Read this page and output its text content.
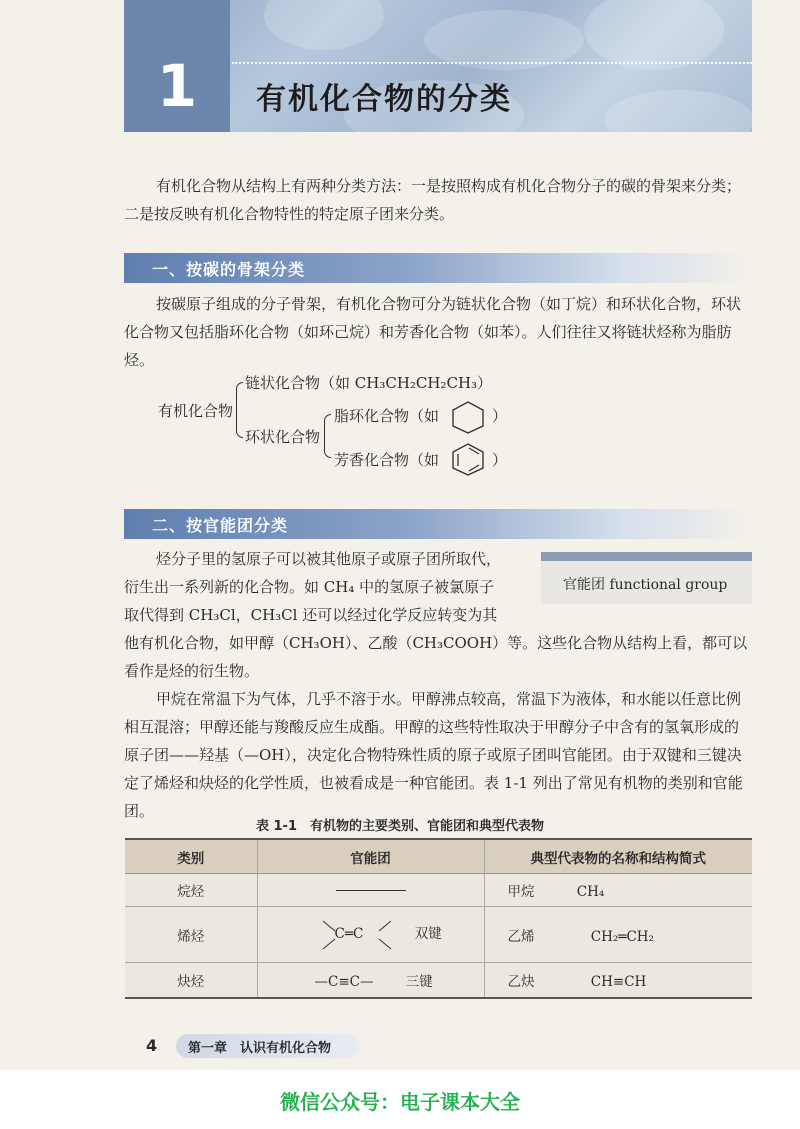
1	有机化合物的分类

有机化合物从结构上有两种分类方法：一是按照构成有机化合物分子的碳的骨架来分类；二是按反映有机化合物特性的特定原子团来分类。

一、按碳的骨架分类

按碳原子组成的分子骨架，有机化合物可分为链状化合物（如丁烷）和环状化合物，环状化合物又包括脂环化合物（如环己烷）和芳香化合物（如苯）。人们往往又将链状烃称为脂肪烃。

有机化合物
链状化合物（如 CH₃CH₂CH₂CH₃）
环状化合物
脂环化合物（如	）
芳香化合物（如	）
二、按官能团分类
烃分子里的氢原子可以被其他原子或原子团所取代，
衍生出一系列新的化合物。如 CH₄ 中的氢原子被氯原子
取代得到 CH₃Cl，CH₃Cl 还可以经过化学反应转变为其
他有机化合物，如甲醇（CH₃OH）、乙酸（CH₃COOH）等。这些化合物从结构上看，都可以看作是烃的衍生物。
官能团 functional group

甲烷在常温下为气体，几乎不溶于水。甲醇沸点较高，常温下为液体，和水能以任意比例相互混溶；甲醇还能与羧酸反应生成酯。甲醇的这些特性取决于甲醇分子中含有的氢氧形成的原子团——羟基（—OH），决定化合物特殊性质的原子或原子团叫官能团。由于双键和三键决定了烯烃和炔烃的化学性质，也被看成是一种官能团。表 1-1 列出了常见有机物的类别和官能团。

表 1-1　有机物的主要类别、官能团和典型代表物
类别	官能团	典型代表物的名称和结构简式
烷烃		甲烷 CH₄
烯烃	C═C 双键	乙烯 CH₂═CH₂
炔烃	—C≡C— 三键	乙炔 CH≡CH
4 第一章　认识有机化合物
微信公众号：电子课本大全
